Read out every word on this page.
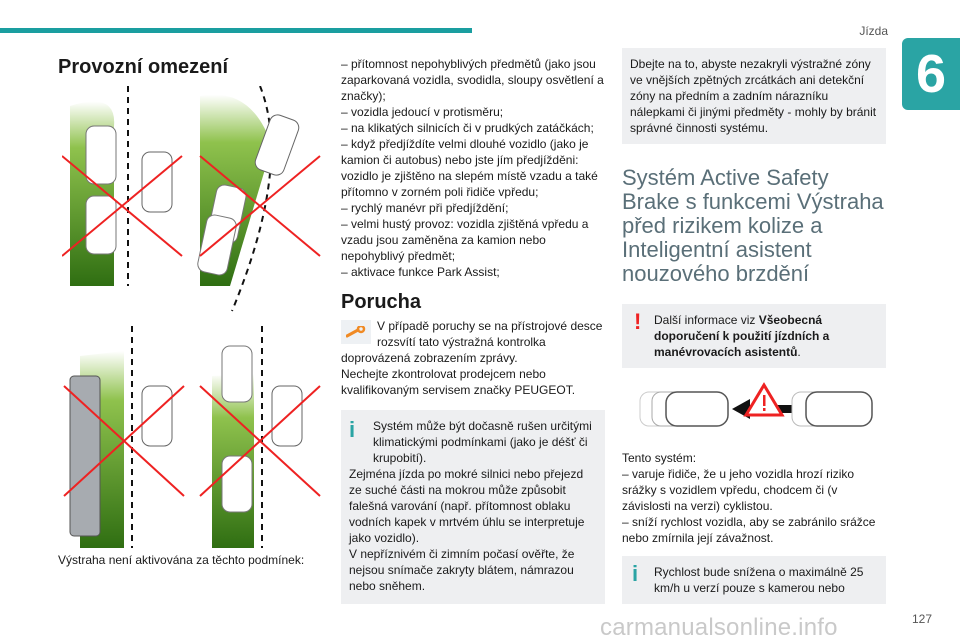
Jízda
6
Provozní omezení
Výstraha není aktivována za těchto podmínek:

– přítomnost nepohyblivých předmětů (jako jsou zaparkovaná vozidla, svodidla, sloupy osvětlení a značky);

– vozidla jedoucí v protisměru;

– na klikatých silnicích či v prudkých zatáčkách;

– když předjíždíte velmi dlouhé vozidlo (jako je kamion či autobus) nebo jste jím předjížděni: vozidlo je zjištěno na slepém místě vzadu a také přítomno v zorném poli řidiče vpředu;

– rychlý manévr při předjíždění;

– velmi hustý provoz: vozidla zjištěná vpředu a vzadu jsou zaměněna za kamion nebo nepohyblivý předmět;

– aktivace funkce Park Assist;

Porucha

V případě poruchy se na přístrojové desce rozsvítí tato výstražná kontrolka doprovázená zobrazením zprávy.

Nechejte zkontrolovat prodejcem nebo kvalifikovaným servisem značky PEUGEOT.

i	Systém může být dočasně rušen určitými klimatickými podmínkami (jako je déšť či krupobití).

Zejména jízda po mokré silnici nebo přejezd ze suché části na mokrou může způsobit falešná varování (např. přítomnost oblaku vodních kapek v mrtvém úhlu se interpretuje jako vozidlo).

V nepříznivém či zimním počasí ověřte, že nejsou snímače zakryty blátem, námrazou nebo sněhem.

Dbejte na to, abyste nezakryli výstražné zóny ve vnějších zpětných zrcátkách ani detekční zóny na předním a zadním nárazníku nálepkami či jinými předměty - mohly by bránit správné činnosti systému.

Systém Active Safety Brake s funkcemi Výstraha před rizikem kolize a Inteligentní asistent nouzového brzdění
!	Další informace viz Všeobecná doporučení k použití jízdních a manévrovacích asistentů.

Tento systém:

– varuje řidiče, že u jeho vozidla hrozí riziko srážky s vozidlem vpředu, chodcem či (v závislosti na verzi) cyklistou.

– sníží rychlost vozidla, aby se zabránilo srážce nebo zmírnila její závažnost.

i	Rychlost bude snížena o maximálně 25 km/h u verzí pouze s kamerou nebo

127
carmanualsonline.info
